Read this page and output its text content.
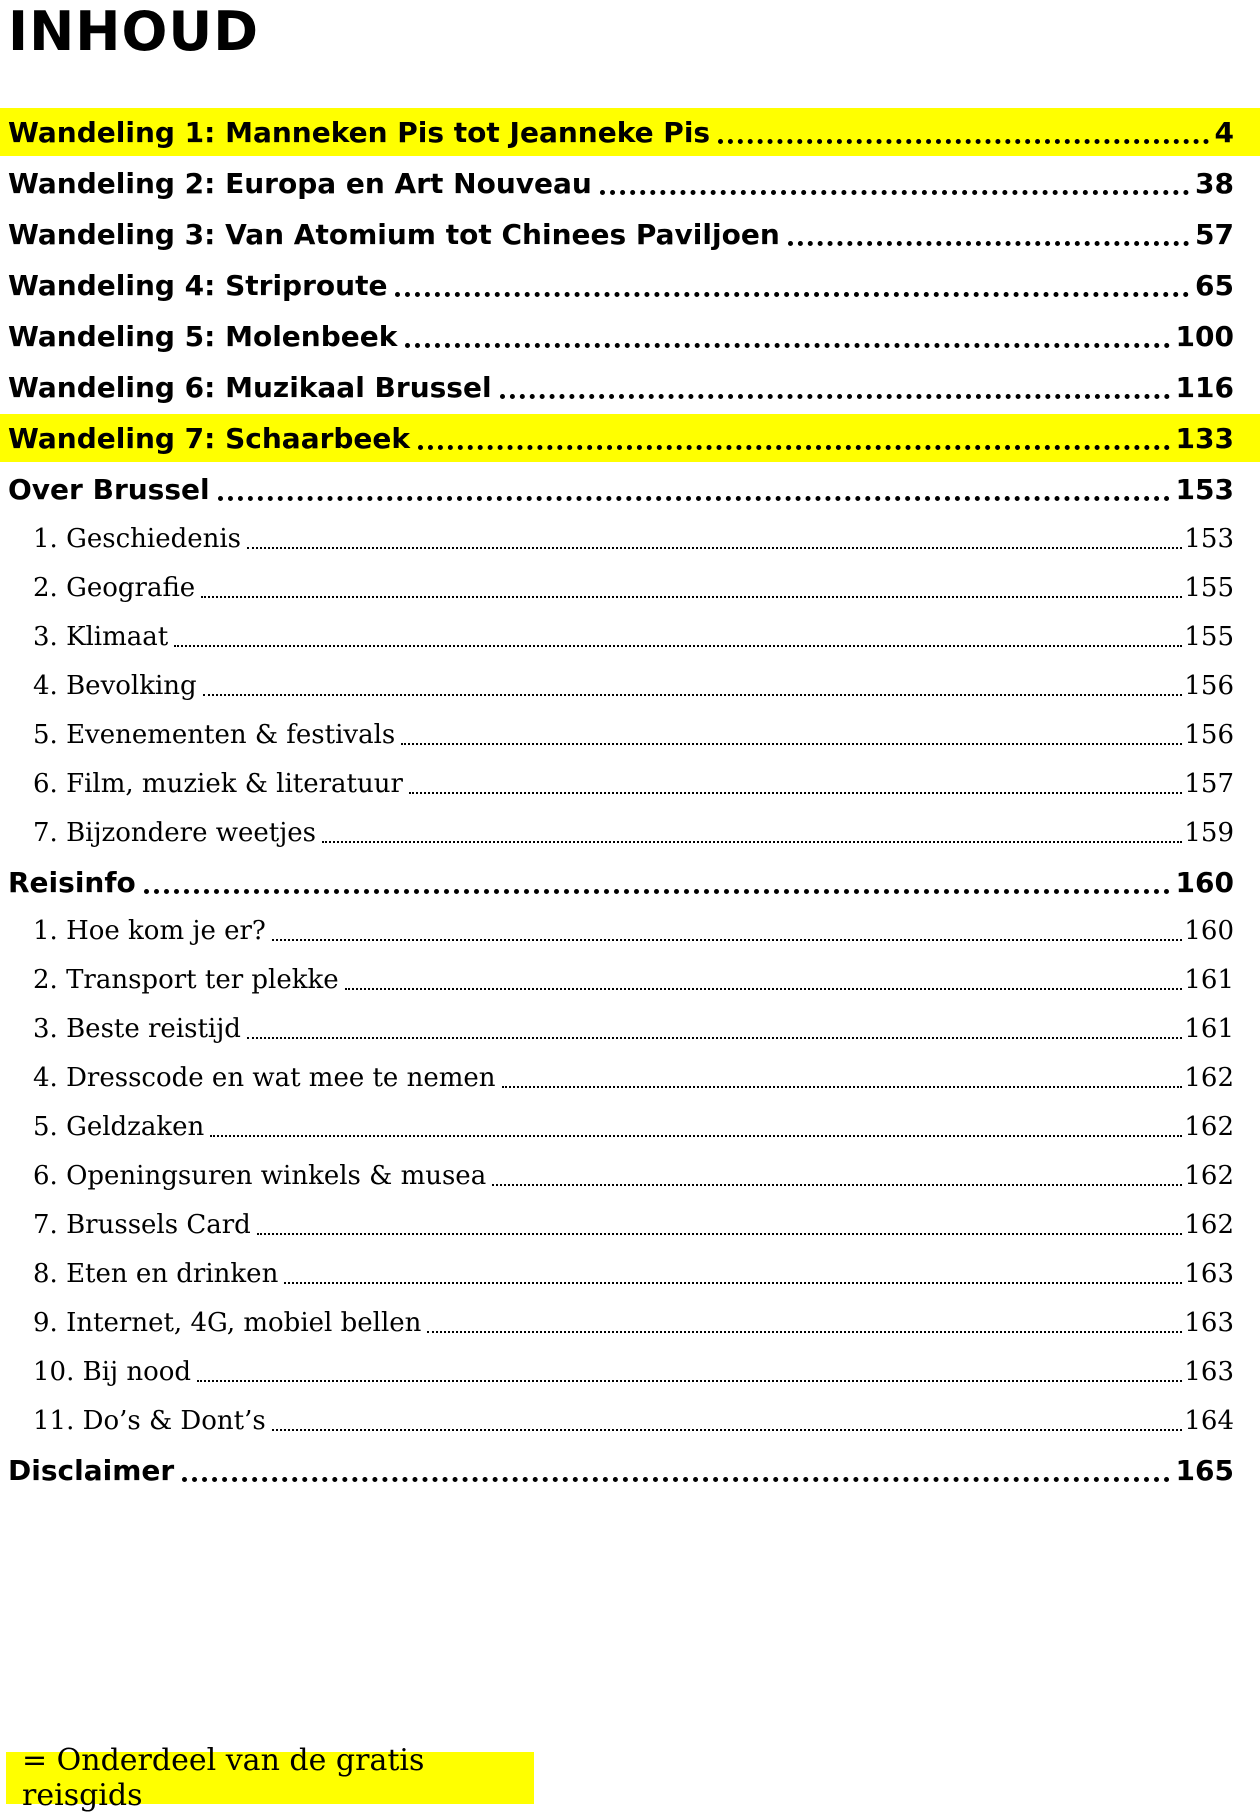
INHOUD
Wandeling 1: Manneken Pis tot Jeanneke Pis	4
Wandeling 2: Europa en Art Nouveau	38
Wandeling 3: Van Atomium tot Chinees Paviljoen	57
Wandeling 4: Striproute	65
Wandeling 5: Molenbeek	100
Wandeling 6: Muzikaal Brussel	116
Wandeling 7: Schaarbeek	133
Over Brussel	153
1. Geschiedenis	153
2. Geografie	155
3. Klimaat	155
4. Bevolking	156
5. Evenementen & festivals	156
6. Film, muziek & literatuur	157
7. Bijzondere weetjes	159
Reisinfo	160
1. Hoe kom je er?	160
2. Transport ter plekke	161
3. Beste reistijd	161
4. Dresscode en wat mee te nemen	162
5. Geldzaken	162
6. Openingsuren winkels & musea	162
7. Brussels Card	162
8. Eten en drinken	163
9. Internet, 4G, mobiel bellen	163
10. Bij nood	163
11. Do’s & Dont’s	164
Disclaimer	165
= Onderdeel van de gratis reisgids
